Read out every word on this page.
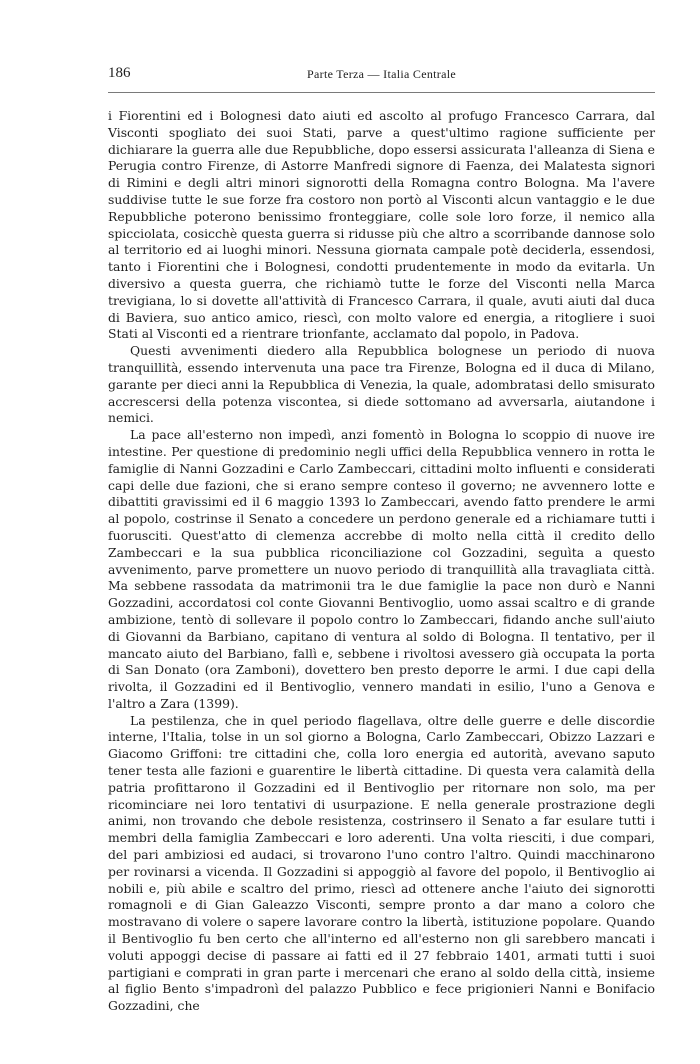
186	Parte Terza — Italia Centrale

i Fiorentini ed i Bolognesi dato aiuti ed ascolto al profugo Francesco Carrara, dal Visconti spogliato dei suoi Stati, parve a quest'ultimo ragione sufficiente per dichiarare la guerra alle due Repubbliche, dopo essersi assicurata l'alleanza di Siena e Perugia contro Firenze, di Astorre Manfredi signore di Faenza, dei Malatesta signori di Rimini e degli altri minori signorotti della Romagna contro Bologna. Ma l'avere suddivise tutte le sue forze fra costoro non portò al Visconti alcun vantaggio e le due Repubbliche poterono benissimo fronteggiare, colle sole loro forze, il nemico alla spicciolata, cosicchè questa guerra si ridusse più che altro a scorribande dannose solo al territorio ed ai luoghi minori. Nessuna giornata campale potè deciderla, essendosi, tanto i Fiorentini che i Bolognesi, condotti prudentemente in modo da evitarla. Un diversivo a questa guerra, che richiamò tutte le forze del Visconti nella Marca trevigiana, lo si dovette all'attività di Francesco Carrara, il quale, avuti aiuti dal duca di Baviera, suo antico amico, riescì, con molto valore ed energia, a ritogliere i suoi Stati al Visconti ed a rientrare trionfante, acclamato dal popolo, in Padova.

Questi avvenimenti diedero alla Repubblica bolognese un periodo di nuova tranquillità, essendo intervenuta una pace tra Firenze, Bologna ed il duca di Milano, garante per dieci anni la Repubblica di Venezia, la quale, adombratasi dello smisurato accrescersi della potenza viscontea, si diede sottomano ad avversarla, aiutandone i nemici.

La pace all'esterno non impedì, anzi fomentò in Bologna lo scoppio di nuove ire intestine. Per questione di predominio negli uffici della Repubblica vennero in rotta le famiglie di Nanni Gozzadini e Carlo Zambeccari, cittadini molto influenti e considerati capi delle due fazioni, che si erano sempre conteso il governo; ne avvennero lotte e dibattiti gravissimi ed il 6 maggio 1393 lo Zambeccari, avendo fatto prendere le armi al popolo, costrinse il Senato a concedere un perdono generale ed a richiamare tutti i fuorusciti. Quest'atto di clemenza accrebbe di molto nella città il credito dello Zambeccari e la sua pubblica riconciliazione col Gozzadini, seguìta a questo avvenimento, parve promettere un nuovo periodo di tranquillità alla travagliata città. Ma sebbene rassodata da matrimonii tra le due famiglie la pace non durò e Nanni Gozzadini, accordatosi col conte Giovanni Bentivoglio, uomo assai scaltro e di grande ambizione, tentò di sollevare il popolo contro lo Zambeccari, fidando anche sull'aiuto di Giovanni da Barbiano, capitano di ventura al soldo di Bologna. Il tentativo, per il mancato aiuto del Barbiano, fallì e, sebbene i rivoltosi avessero già occupata la porta di San Donato (ora Zamboni), dovettero ben presto deporre le armi. I due capi della rivolta, il Gozzadini ed il Bentivoglio, vennero mandati in esilio, l'uno a Genova e l'altro a Zara (1399).

La pestilenza, che in quel periodo flagellava, oltre delle guerre e delle discordie interne, l'Italia, tolse in un sol giorno a Bologna, Carlo Zambeccari, Obizzo Lazzari e Giacomo Griffoni: tre cittadini che, colla loro energia ed autorità, avevano saputo tener testa alle fazioni e guarentire le libertà cittadine. Di questa vera calamità della patria profittarono il Gozzadini ed il Bentivoglio per ritornare non solo, ma per ricominciare nei loro tentativi di usurpazione. E nella generale prostrazione degli animi, non trovando che debole resistenza, costrinsero il Senato a far esulare tutti i membri della famiglia Zambeccari e loro aderenti. Una volta riesciti, i due compari, del pari ambiziosi ed audaci, si trovarono l'uno contro l'altro. Quindi macchinarono per rovinarsi a vicenda. Il Gozzadini si appoggiò al favore del popolo, il Bentivoglio ai nobili e, più abile e scaltro del primo, riescì ad ottenere anche l'aiuto dei signorotti romagnoli e di Gian Galeazzo Visconti, sempre pronto a dar mano a coloro che mostravano di volere o sapere lavorare contro la libertà, istituzione popolare. Quando il Bentivoglio fu ben certo che all'interno ed all'esterno non gli sarebbero mancati i voluti appoggi decise di passare ai fatti ed il 27 febbraio 1401, armati tutti i suoi partigiani e comprati in gran parte i mercenari che erano al soldo della città, insieme al figlio Bento s'impadronì del palazzo Pubblico e fece prigionieri Nanni e Bonifacio Gozzadini, che
